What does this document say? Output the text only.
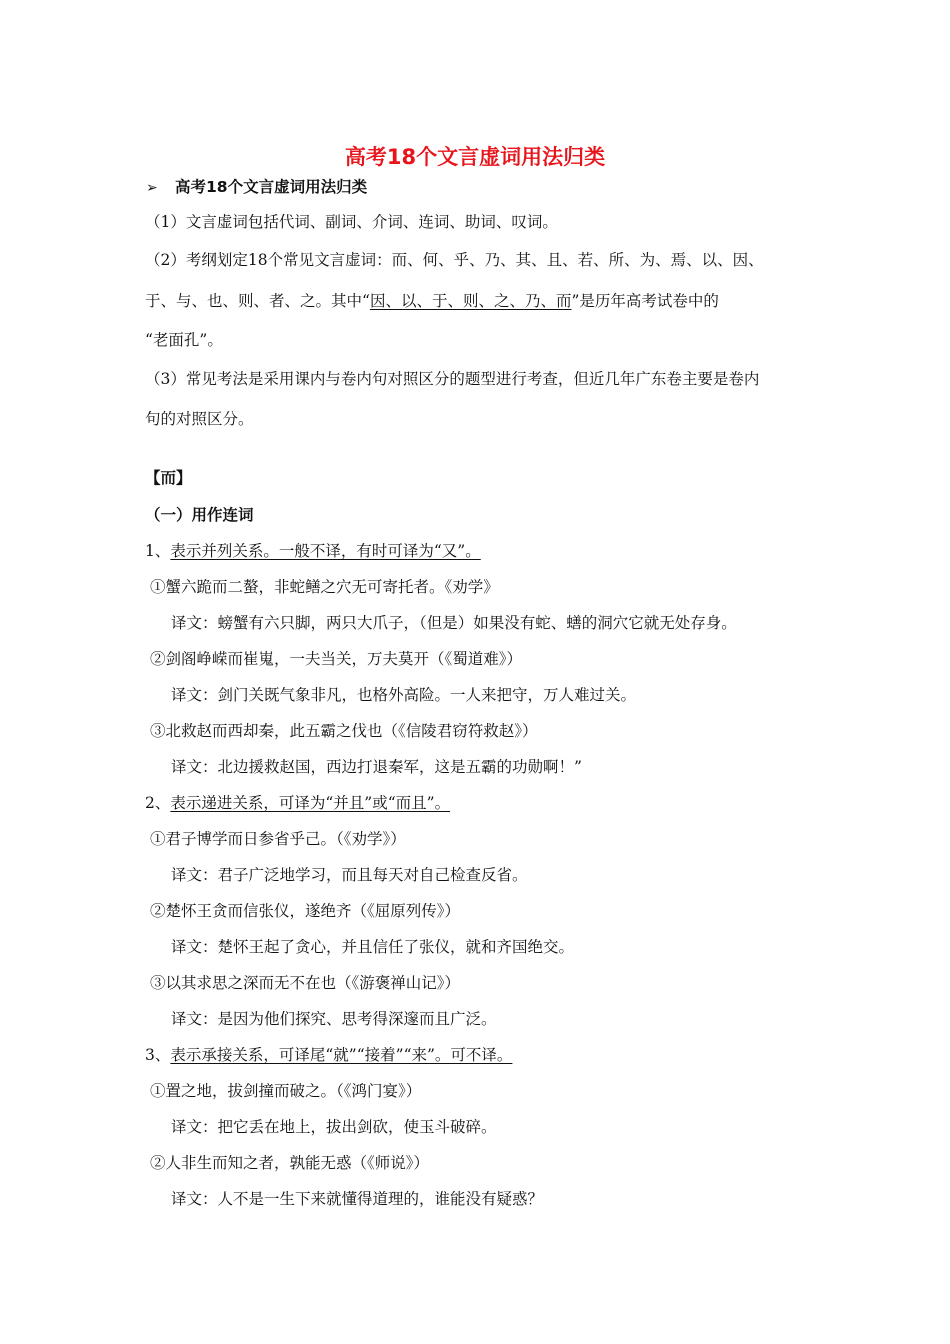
高考18个文言虚词用法归类
➢ 高考18个文言虚词用法归类
（1）文言虚词包括代词、副词、介词、连词、助词、叹词。
（2）考纲划定18个常见文言虚词：而、何、乎、乃、其、且、若、所、为、焉、以、因、
于、与、也、则、者、之。其中“因、以、于、则、之、乃、而”是历年高考试卷中的
“老面孔”。
（3）常见考法是采用课内与卷内句对照区分的题型进行考查，但近几年广东卷主要是卷内
句的对照区分。
【而】
（一）用作连词
1、表示并列关系。一般不译，有时可译为“又”。
①蟹六跪而二螯，非蛇鳝之穴无可寄托者。《劝学》
译文：螃蟹有六只脚，两只大爪子，（但是）如果没有蛇、蟮的洞穴它就无处存身。
②剑阁峥嵘而崔嵬，一夫当关，万夫莫开（《蜀道难》）
译文：剑门关既气象非凡，也格外高险。一人来把守，万人难过关。
③北救赵而西却秦，此五霸之伐也（《信陵君窃符救赵》）
译文：北边援救赵国，西边打退秦军，这是五霸的功勋啊！”
2、表示递进关系，可译为“并且”或“而且”。
①君子博学而日参省乎己。（《劝学》）
译文：君子广泛地学习，而且每天对自己检查反省。
②楚怀王贪而信张仪，遂绝齐（《屈原列传》）
译文：楚怀王起了贪心，并且信任了张仪，就和齐国绝交。
③以其求思之深而无不在也（《游褒禅山记》）
译文：是因为他们探究、思考得深邃而且广泛。
3、表示承接关系，可译尾“就”“接着”“来”。可不译。
①置之地，拔剑撞而破之。（《鸿门宴》）
译文：把它丢在地上，拔出剑砍，使玉斗破碎。
②人非生而知之者，孰能无惑（《师说》）
译文：人不是一生下来就懂得道理的，谁能没有疑惑？
